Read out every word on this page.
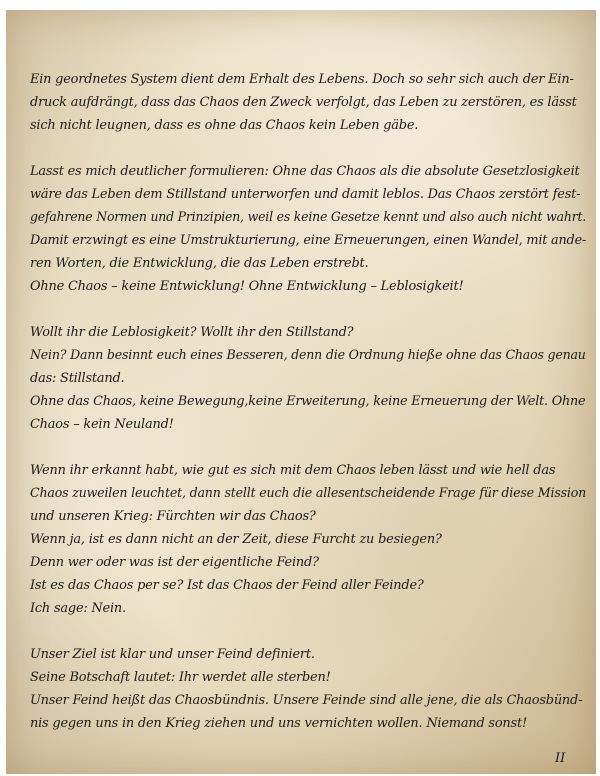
Ein geordnetes System dient dem Erhalt des Lebens. Doch so sehr sich auch der Ein-
druck aufdrängt, dass das Chaos den Zweck verfolgt, das Leben zu zerstören, es lässt
sich nicht leugnen, dass es ohne das Chaos kein Leben gäbe.
Lasst es mich deutlicher formulieren: Ohne das Chaos als die absolute Gesetzlosigkeit
wäre das Leben dem Stillstand unterworfen und damit leblos. Das Chaos zerstört fest-
gefahrene Normen und Prinzipien, weil es keine Gesetze kennt und also auch nicht wahrt.
Damit erzwingt es eine Umstrukturierung, eine Erneuerungen, einen Wandel, mit ande-
ren Worten, die Entwicklung, die das Leben erstrebt.
Ohne Chaos – keine Entwicklung! Ohne Entwicklung – Leblosigkeit!
Wollt ihr die Leblosigkeit? Wollt ihr den Stillstand?
Nein? Dann besinnt euch eines Besseren, denn die Ordnung hieße ohne das Chaos genau
das: Stillstand.
Ohne das Chaos, keine Bewegung,keine Erweiterung, keine Erneuerung der Welt. Ohne
Chaos – kein Neuland!
Wenn ihr erkannt habt, wie gut es sich mit dem Chaos leben lässt und wie hell das
Chaos zuweilen leuchtet, dann stellt euch die allesentscheidende Frage für diese Mission
und unseren Krieg: Fürchten wir das Chaos?
Wenn ja, ist es dann nicht an der Zeit, diese Furcht zu besiegen?
Denn wer oder was ist der eigentliche Feind?
Ist es das Chaos per se? Ist das Chaos der Feind aller Feinde?
Ich sage: Nein.
Unser Ziel ist klar und unser Feind definiert.
Seine Botschaft lautet: Ihr werdet alle sterben!
Unser Feind heißt das Chaosbündnis. Unsere Feinde sind alle jene, die als Chaosbünd-
nis gegen uns in den Krieg ziehen und uns vernichten wollen. Niemand sonst!
II
